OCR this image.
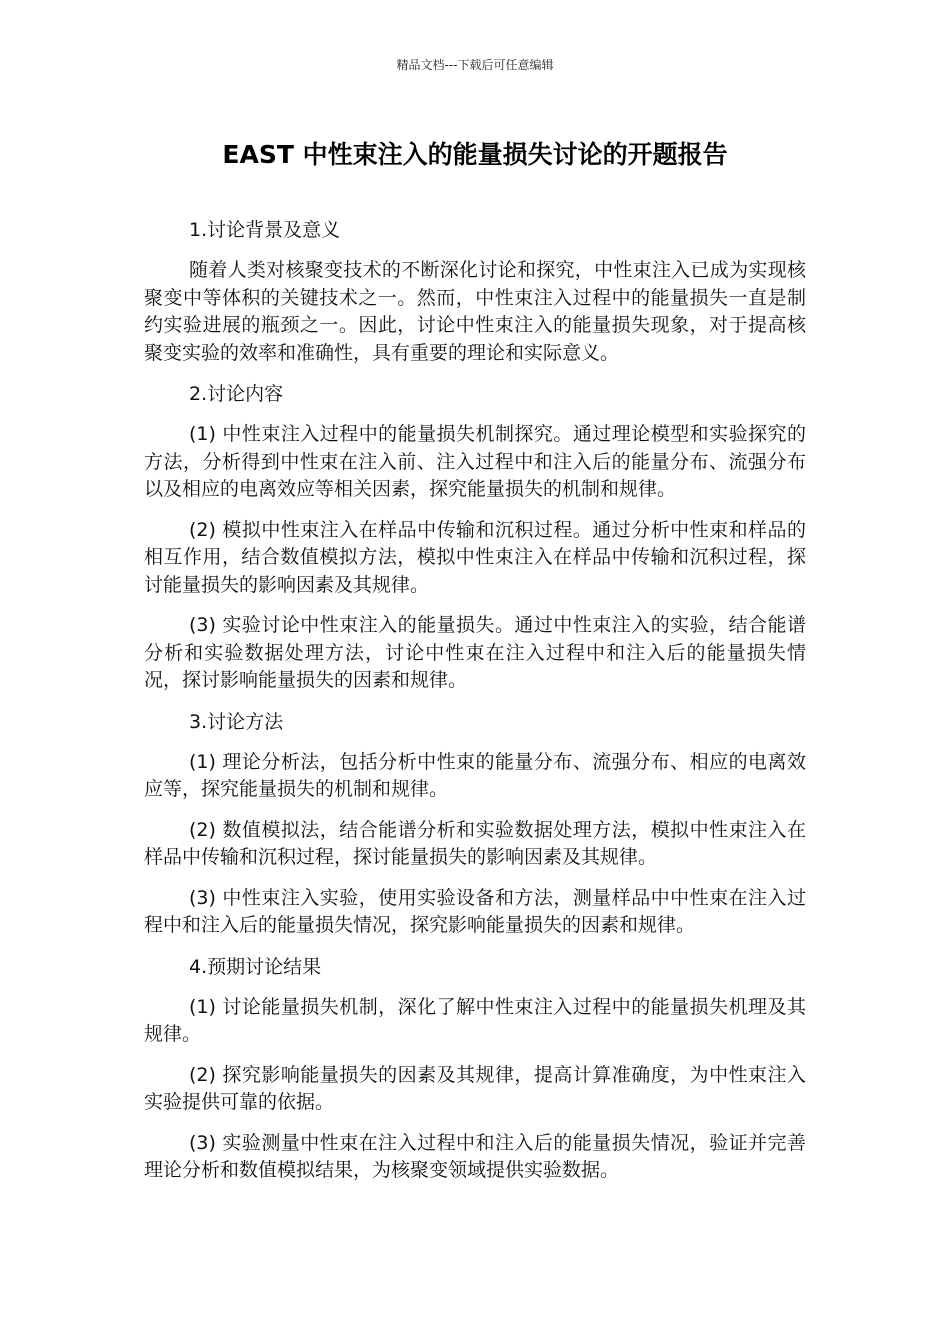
精品文档---下载后可任意编辑
EAST 中性束注入的能量损失讨论的开题报告

1.讨论背景及意义

随着人类对核聚变技术的不断深化讨论和探究，中性束注入已成为实现核聚变中等体积的关键技术之一。然而，中性束注入过程中的能量损失一直是制约实验进展的瓶颈之一。因此，讨论中性束注入的能量损失现象，对于提高核聚变实验的效率和准确性，具有重要的理论和实际意义。

2.讨论内容

(1) 中性束注入过程中的能量损失机制探究。通过理论模型和实验探究的方法，分析得到中性束在注入前、注入过程中和注入后的能量分布、流强分布以及相应的电离效应等相关因素，探究能量损失的机制和规律。

(2) 模拟中性束注入在样品中传输和沉积过程。通过分析中性束和样品的相互作用，结合数值模拟方法，模拟中性束注入在样品中传输和沉积过程，探讨能量损失的影响因素及其规律。

(3) 实验讨论中性束注入的能量损失。通过中性束注入的实验，结合能谱分析和实验数据处理方法，讨论中性束在注入过程中和注入后的能量损失情况，探讨影响能量损失的因素和规律。

3.讨论方法

(1) 理论分析法，包括分析中性束的能量分布、流强分布、相应的电离效应等，探究能量损失的机制和规律。

(2) 数值模拟法，结合能谱分析和实验数据处理方法，模拟中性束注入在样品中传输和沉积过程，探讨能量损失的影响因素及其规律。

(3) 中性束注入实验，使用实验设备和方法，测量样品中中性束在注入过程中和注入后的能量损失情况，探究影响能量损失的因素和规律。

4.预期讨论结果

(1) 讨论能量损失机制，深化了解中性束注入过程中的能量损失机理及其规律。

(2) 探究影响能量损失的因素及其规律，提高计算准确度，为中性束注入实验提供可靠的依据。

(3) 实验测量中性束在注入过程中和注入后的能量损失情况，验证并完善理论分析和数值模拟结果，为核聚变领域提供实验数据。
